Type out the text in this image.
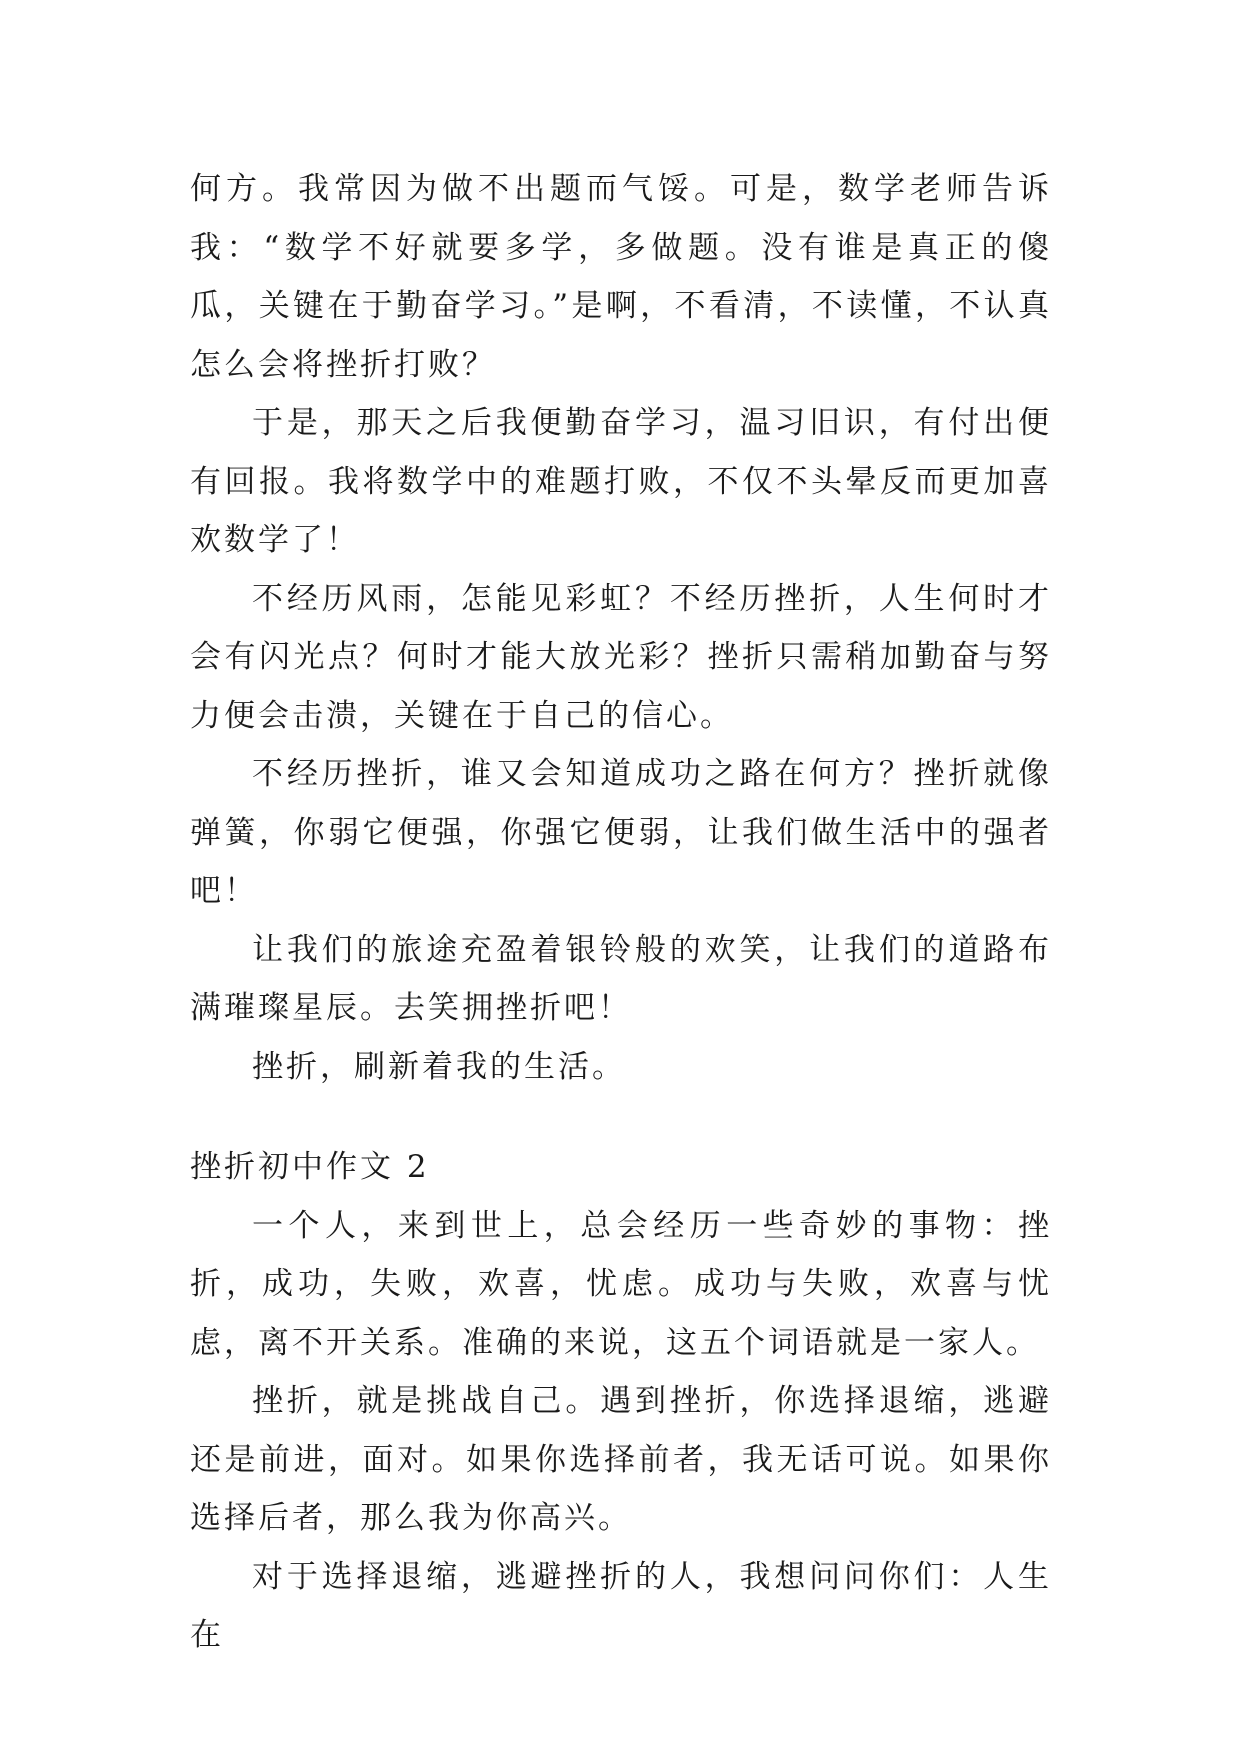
何方。我常因为做不出题而气馁。可是，数学老师告诉我：“数学不好就要多学，多做题。没有谁是真正的傻瓜，关键在于勤奋学习。”是啊，不看清，不读懂，不认真怎么会将挫折打败？

于是，那天之后我便勤奋学习，温习旧识，有付出便有回报。我将数学中的难题打败，不仅不头晕反而更加喜欢数学了！

不经历风雨，怎能见彩虹？不经历挫折，人生何时才会有闪光点？何时才能大放光彩？挫折只需稍加勤奋与努力便会击溃，关键在于自己的信心。

不经历挫折，谁又会知道成功之路在何方？挫折就像弹簧，你弱它便强，你强它便弱，让我们做生活中的强者吧！

让我们的旅途充盈着银铃般的欢笑，让我们的道路布满璀璨星辰。去笑拥挫折吧！

挫折，刷新着我的生活。

挫折初中作文 2

一个人，来到世上，总会经历一些奇妙的事物：挫折，成功，失败，欢喜，忧虑。成功与失败，欢喜与忧虑，离不开关系。准确的来说，这五个词语就是一家人。

挫折，就是挑战自己。遇到挫折，你选择退缩，逃避还是前进，面对。如果你选择前者，我无话可说。如果你选择后者，那么我为你高兴。

对于选择退缩，逃避挫折的人，我想问问你们：人生在
